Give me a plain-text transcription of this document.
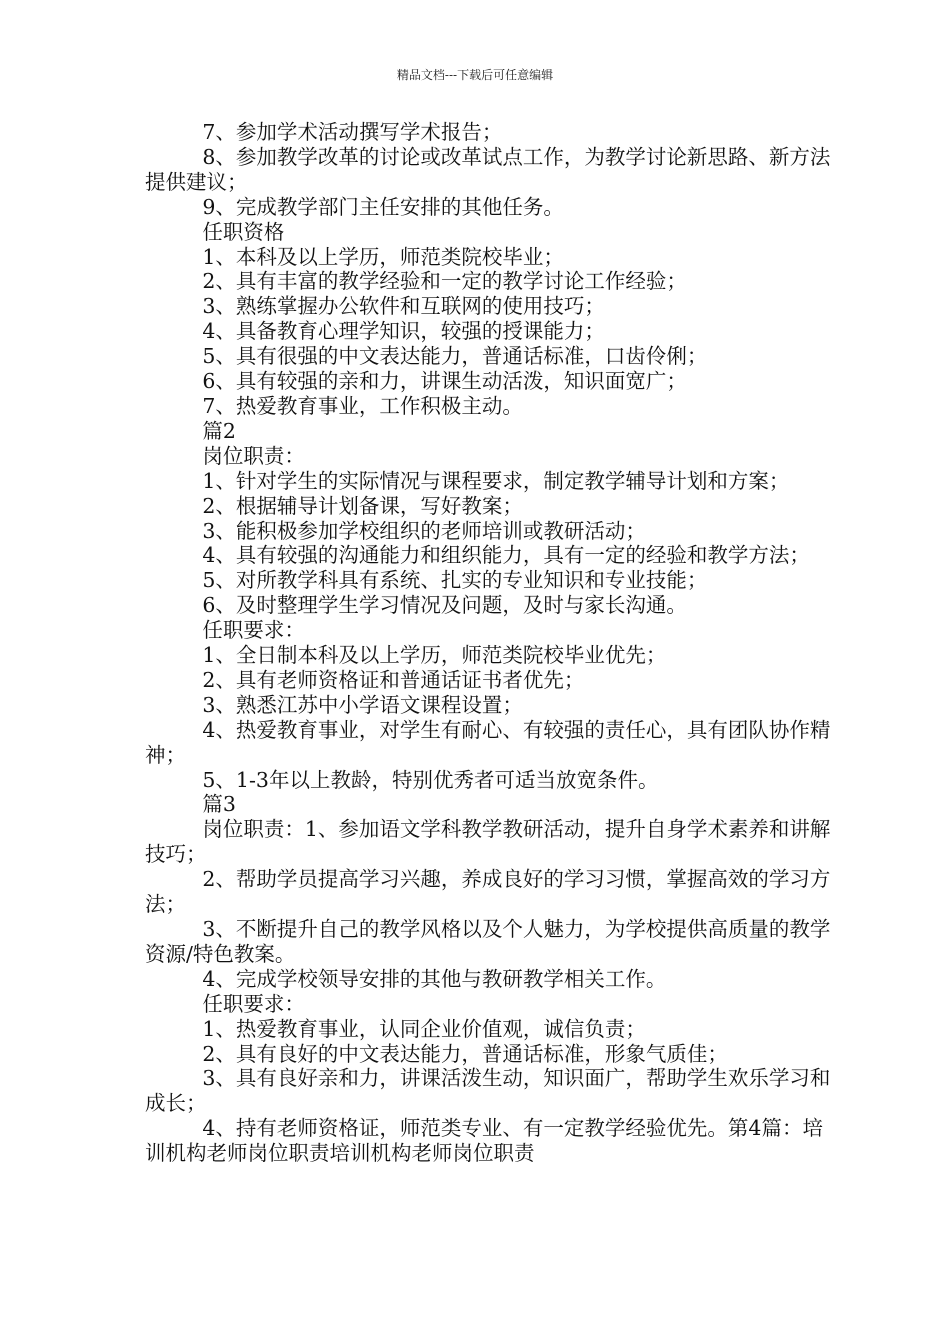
精品文档---下载后可任意编辑

7、参加学术活动撰写学术报告；

8、参加教学改革的讨论或改革试点工作，为教学讨论新思路、新方法提供建议；

9、完成教学部门主任安排的其他任务。

任职资格

1、本科及以上学历，师范类院校毕业；

2、具有丰富的教学经验和一定的教学讨论工作经验；

3、熟练掌握办公软件和互联网的使用技巧；

4、具备教育心理学知识，较强的授课能力；

5、具有很强的中文表达能力，普通话标准，口齿伶俐；

6、具有较强的亲和力，讲课生动活泼，知识面宽广；

7、热爱教育事业，工作积极主动。

篇2

岗位职责：

1、针对学生的实际情况与课程要求，制定教学辅导计划和方案；

2、根据辅导计划备课，写好教案；

3、能积极参加学校组织的老师培训或教研活动；

4、具有较强的沟通能力和组织能力，具有一定的经验和教学方法；

5、对所教学科具有系统、扎实的专业知识和专业技能；

6、及时整理学生学习情况及问题，及时与家长沟通。

任职要求：

1、全日制本科及以上学历，师范类院校毕业优先；

2、具有老师资格证和普通话证书者优先；

3、熟悉江苏中小学语文课程设置；

4、热爱教育事业，对学生有耐心、有较强的责任心，具有团队协作精神；

5、1-3年以上教龄，特别优秀者可适当放宽条件。

篇3

岗位职责：1、参加语文学科教学教研活动，提升自身学术素养和讲解技巧；

2、帮助学员提高学习兴趣，养成良好的学习习惯，掌握高效的学习方法；

3、不断提升自己的教学风格以及个人魅力，为学校提供高质量的教学资源/特色教案。

4、完成学校领导安排的其他与教研教学相关工作。

任职要求：

1、热爱教育事业，认同企业价值观，诚信负责；

2、具有良好的中文表达能力，普通话标准，形象气质佳；

3、具有良好亲和力，讲课活泼生动，知识面广，帮助学生欢乐学习和成长；

4、持有老师资格证，师范类专业、有一定教学经验优先。第4篇：培训机构老师岗位职责培训机构老师岗位职责
